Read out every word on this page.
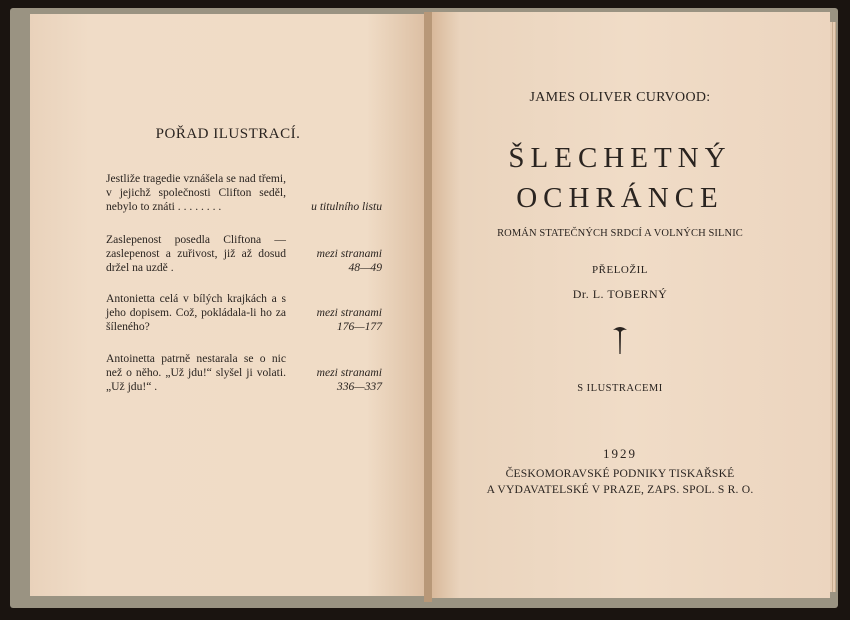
POŘAD ILUSTRACÍ.
Jestliže tragedie vznášela se nad třemi, v jejichž společnosti Clifton seděl, nebylo to znáti . . . . . . . .	u titulního listu
Zaslepenost posedla Cliftona — zaslepenost a zuřivost, již až dosud držel na uzdě .
mezi stranami
48—49
Antonietta celá v bílých krajkách a s jeho dopisem. Což, pokládala-li ho za šíleného?
mezi stranami
176—177
Antoinetta patrně nestarala se o nic než o něho. „Už jdu!“ slyšel ji volati. „Už jdu!“ .
mezi stranami
336—337
JAMES OLIVER CURVOOD:
ŠLECHETNÝ
OCHRÁNCE
ROMÁN STATEČNÝCH SRDCÍ A VOLNÝCH SILNIC
PŘELOŽIL
Dr. L. TOBERNÝ
S ILUSTRACEMI
1929
ČESKOMORAVSKÉ PODNIKY TISKAŘSKÉ
A VYDAVATELSKÉ V PRAZE, ZAPS. SPOL. S R. O.
